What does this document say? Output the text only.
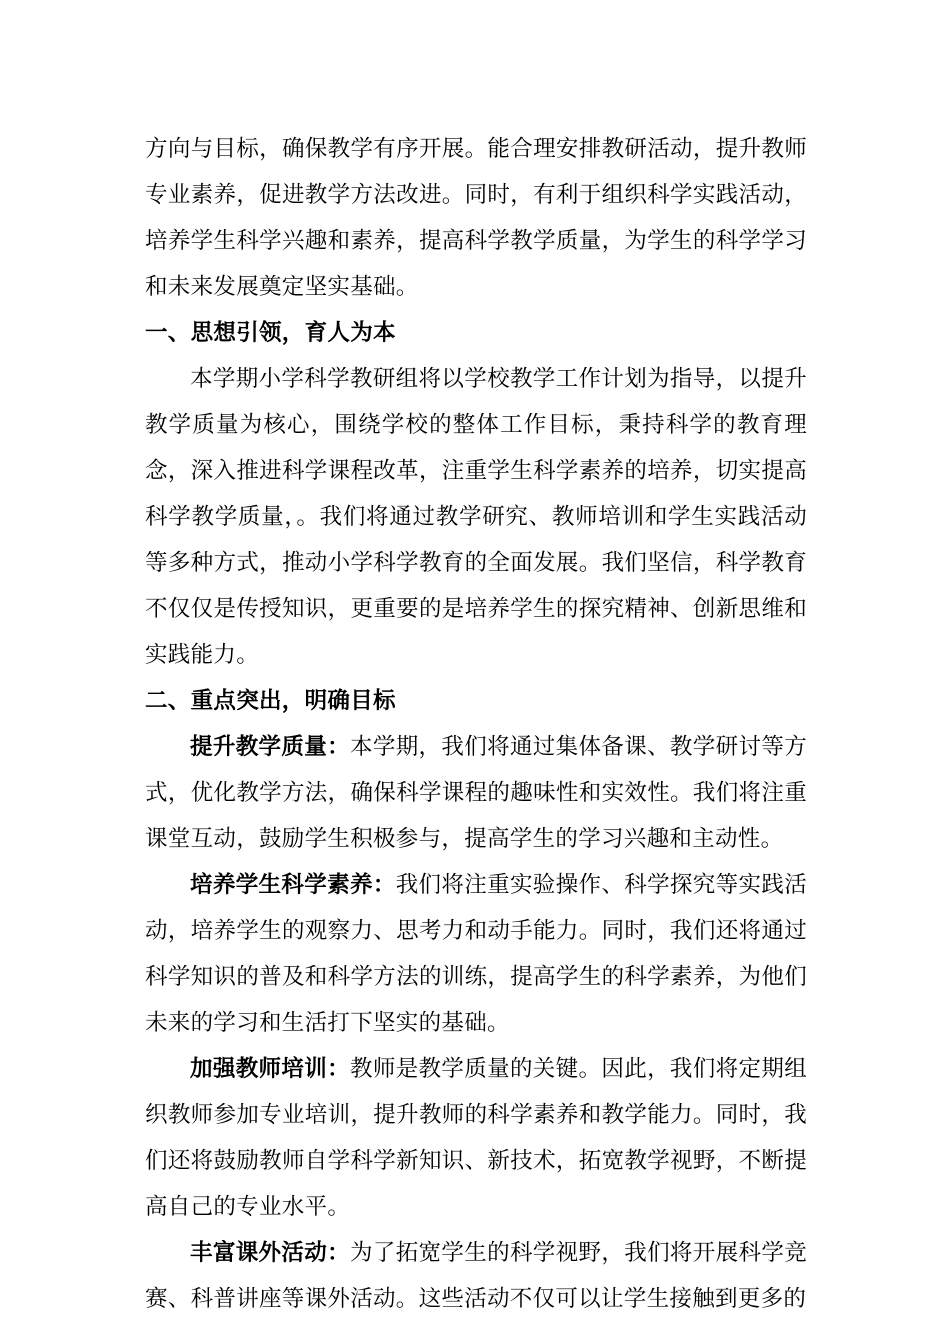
方向与目标，确保教学有序开展。能合理安排教研活动，提升教师专业素养，促进教学方法改进。同时，有利于组织科学实践活动，培养学生科学兴趣和素养，提高科学教学质量，为学生的科学学习和未来发展奠定坚实基础。

一、思想引领，育人为本

本学期小学科学教研组将以学校教学工作计划为指导，以提升教学质量为核心，围绕学校的整体工作目标，秉持科学的教育理念，深入推进科学课程改革，注重学生科学素养的培养，切实提高科学教学质量，。我们将通过教学研究、教师培训和学生实践活动等多种方式，推动小学科学教育的全面发展。我们坚信，科学教育不仅仅是传授知识，更重要的是培养学生的探究精神、创新思维和实践能力。

二、重点突出，明确目标

提升教学质量：本学期，我们将通过集体备课、教学研讨等方式，优化教学方法，确保科学课程的趣味性和实效性。我们将注重课堂互动，鼓励学生积极参与，提高学生的学习兴趣和主动性。

培养学生科学素养：我们将注重实验操作、科学探究等实践活动，培养学生的观察力、思考力和动手能力。同时，我们还将通过科学知识的普及和科学方法的训练，提高学生的科学素养，为他们未来的学习和生活打下坚实的基础。

加强教师培训：教师是教学质量的关键。因此，我们将定期组织教师参加专业培训，提升教师的科学素养和教学能力。同时，我们还将鼓励教师自学科学新知识、新技术，拓宽教学视野，不断提高自己的专业水平。

丰富课外活动：为了拓宽学生的科学视野，我们将开展科学竞赛、科普讲座等课外活动。这些活动不仅可以让学生接触到更多的
